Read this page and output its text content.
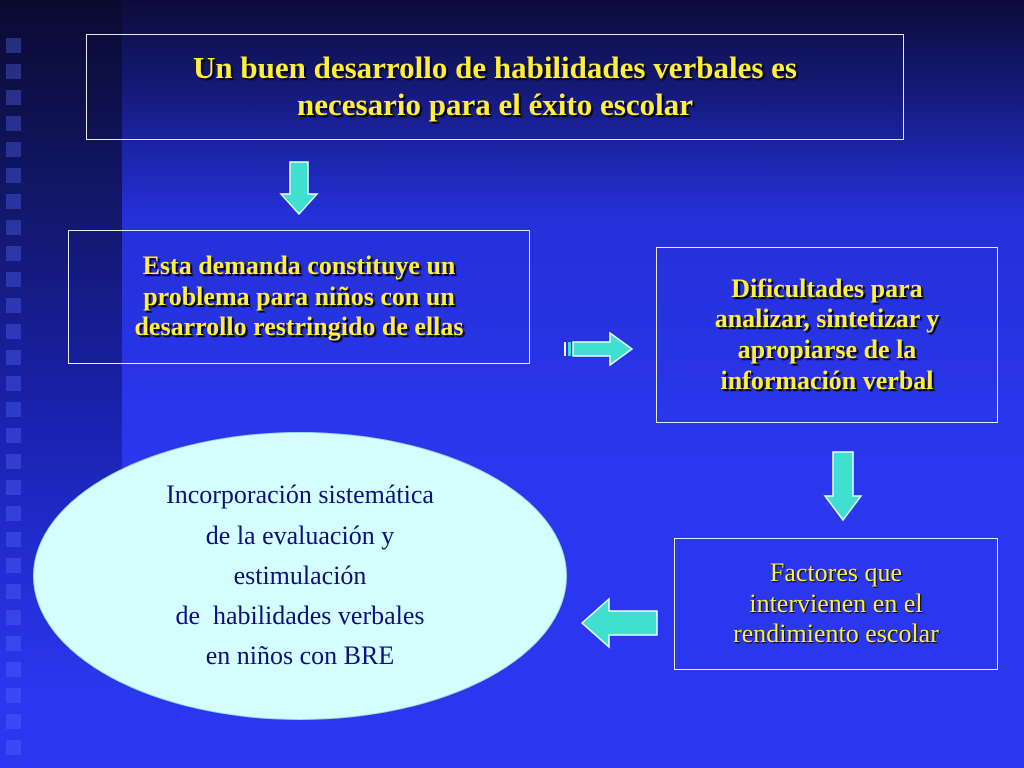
Un buen desarrollo de habilidades verbales es
necesario para el éxito escolar
Esta demanda constituye un
problema para niños con un
desarrollo restringido de ellas
Dificultades para
analizar, sintetizar y
apropiarse de la
información verbal
Factores que
intervienen en el
rendimiento escolar
Incorporación sistemática
de la evaluación y
estimulación
de  habilidades verbales
en niños con BRE
